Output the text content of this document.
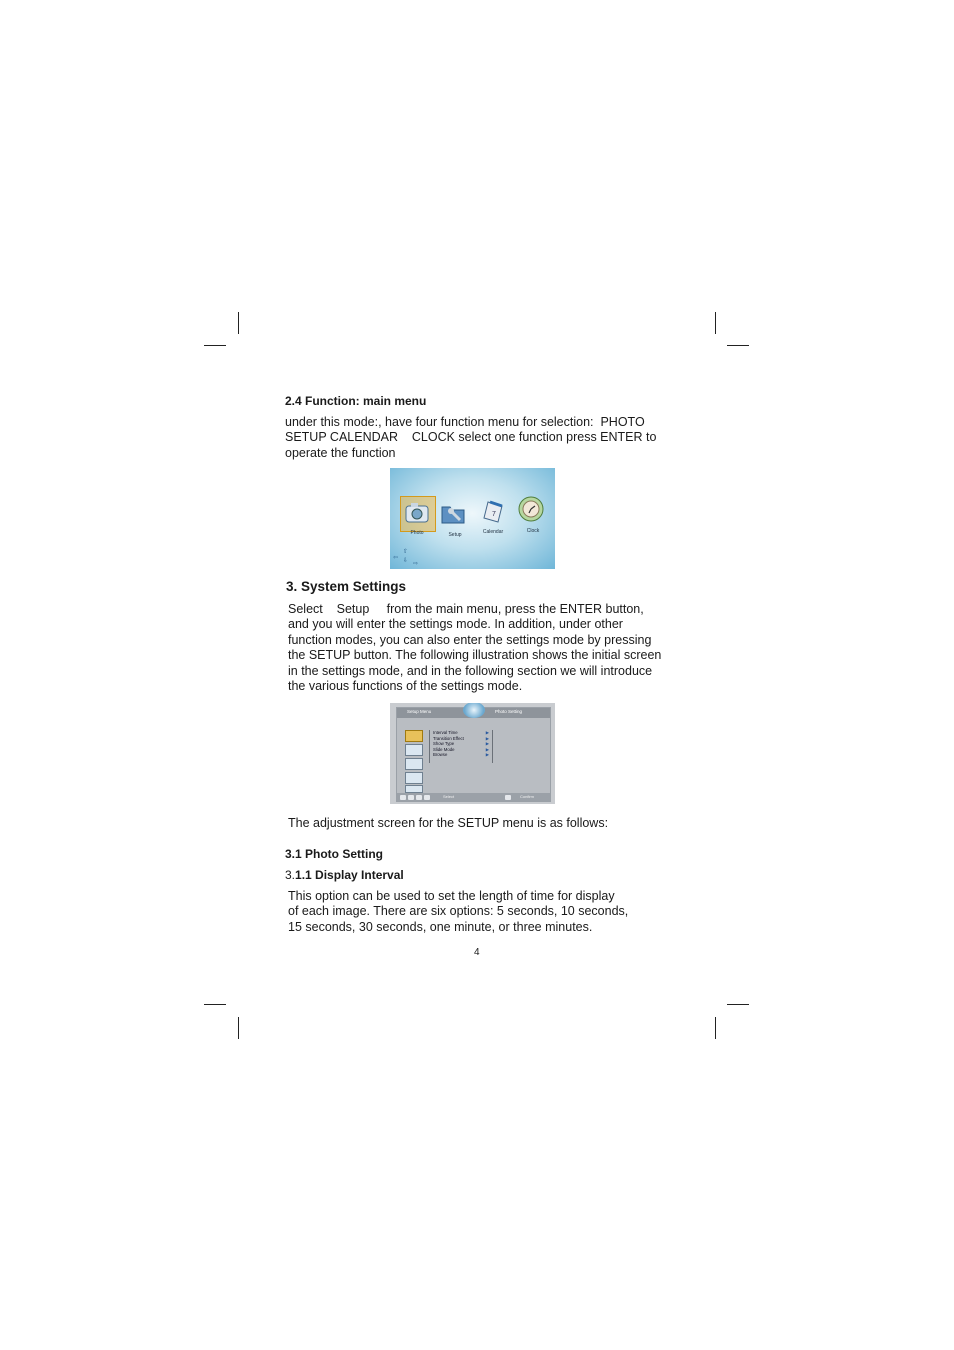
2.4 Function: main menu
under this mode:, have four function menu for selection:  PHOTO
SETUP CALENDAR    CLOCK select one function press ENTER to
operate the function
Photo	Setup
7
Calendar	Clock
⇧
⇩
⇦
⇨
3. System Settings
Select    Setup     from the main menu, press the ENTER button,
and you will enter the settings mode. In addition, under other
function modes, you can also enter the settings mode by pressing
the SETUP button. The following illustration shows the initial screen
in the settings mode, and in the following section we will introduce
the various functions of the settings mode.
Setup Menu	Photo Setting
Interval Time	▶
Transition Effect	▶
Show Type	▶
Slide Mode	▶
Browse	▶
Select	Confirm
The adjustment screen for the SETUP menu is as follows:
3.1 Photo Setting
3.1.1 Display Interval
This option can be used to set the length of time for display
of each image. There are six options: 5 seconds, 10 seconds,
15 seconds, 30 seconds, one minute, or three minutes.
4
